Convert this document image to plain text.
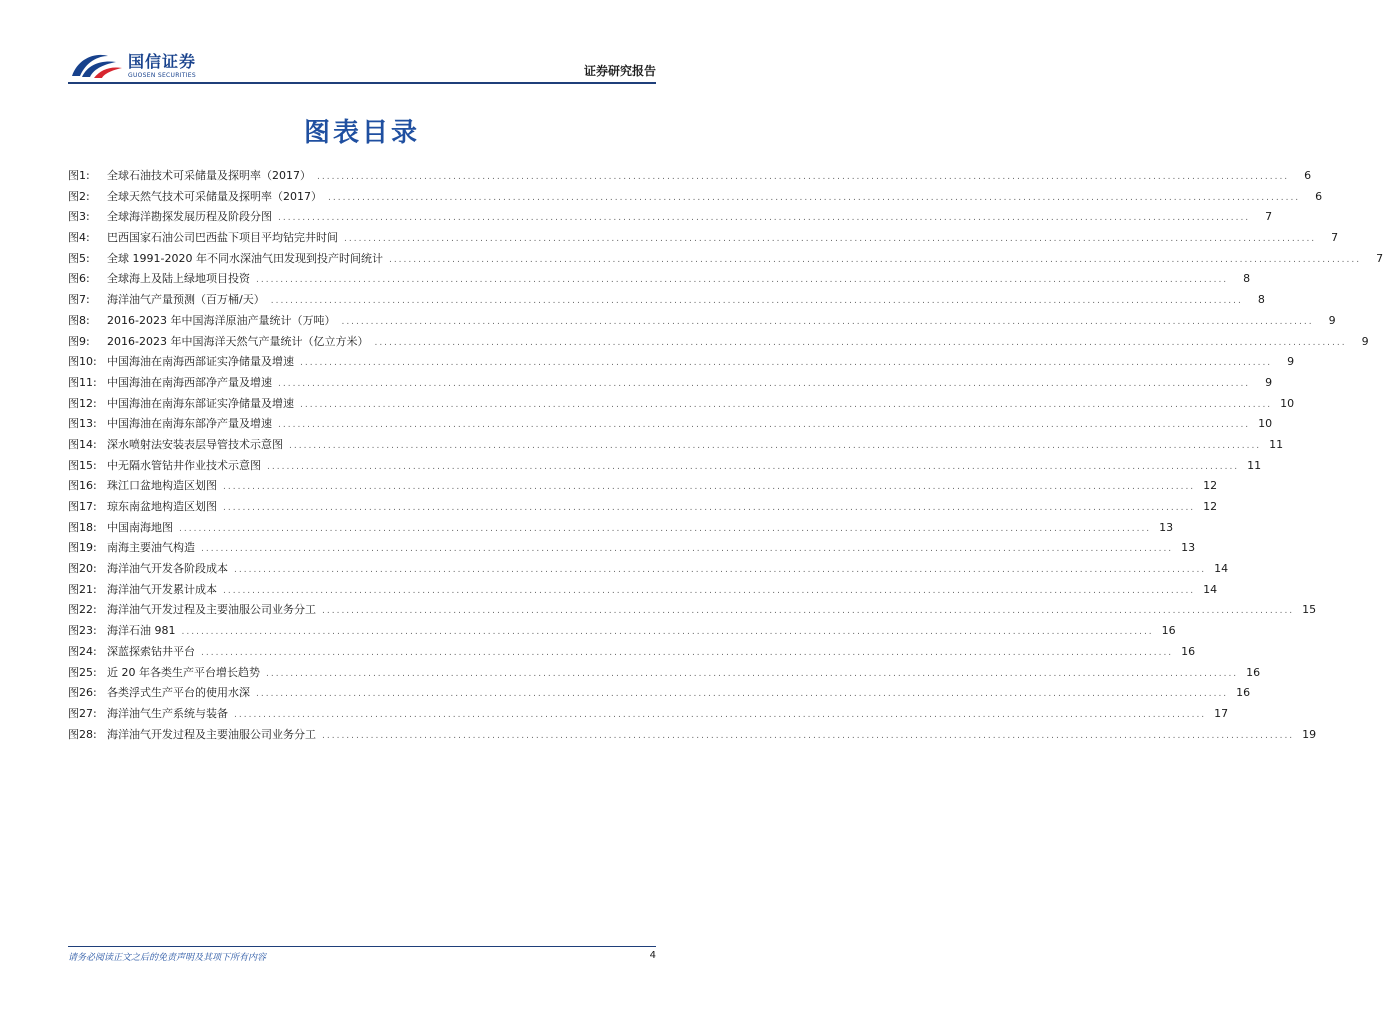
国信证券
GUOSEN SECURITIES	证券研究报告
图表目录
图1:	全球石油技术可采储量及探明率（2017） ........................................................................................................................................................................................................	6
图2:	全球天然气技术可采储量及探明率（2017） ........................................................................................................................................................................................................	6
图3:	全球海洋勘探发展历程及阶段分图 ........................................................................................................................................................................................................	7
图4:	巴西国家石油公司巴西盐下项目平均钻完井时间 ........................................................................................................................................................................................................	7
图5:	全球 1991-2020 年不同水深油气田发现到投产时间统计 ........................................................................................................................................................................................................	7
图6:	全球海上及陆上绿地项目投资 ........................................................................................................................................................................................................	8
图7:	海洋油气产量预测（百万桶/天） ........................................................................................................................................................................................................	8
图8:	2016-2023 年中国海洋原油产量统计（万吨） ........................................................................................................................................................................................................	9
图9:	2016-2023 年中国海洋天然气产量统计（亿立方米） ........................................................................................................................................................................................................	9
图10: 中国海油在南海西部证实净储量及增速 ........................................................................................................................................................................................................	9
图11: 中国海油在南海西部净产量及增速 ........................................................................................................................................................................................................	9
图12: 中国海油在南海东部证实净储量及增速 ........................................................................................................................................................................................................ 10
图13: 中国海油在南海东部净产量及增速 ........................................................................................................................................................................................................ 10
图14: 深水喷射法安装表层导管技术示意图 ........................................................................................................................................................................................................ 11
图15: 中无隔水管钻井作业技术示意图 ........................................................................................................................................................................................................ 11
图16: 珠江口盆地构造区划图 ........................................................................................................................................................................................................ 12
图17: 琼东南盆地构造区划图 ........................................................................................................................................................................................................ 12
图18: 中国南海地图 ........................................................................................................................................................................................................ 13
图19: 南海主要油气构造 ........................................................................................................................................................................................................ 13
图20: 海洋油气开发各阶段成本 ........................................................................................................................................................................................................ 14
图21: 海洋油气开发累计成本 ........................................................................................................................................................................................................ 14
图22: 海洋油气开发过程及主要油服公司业务分工 ........................................................................................................................................................................................................ 15
图23: 海洋石油 981 ........................................................................................................................................................................................................ 16
图24: 深蓝探索钻井平台 ........................................................................................................................................................................................................ 16
图25: 近 20 年各类生产平台增长趋势 ........................................................................................................................................................................................................ 16
图26: 各类浮式生产平台的使用水深 ........................................................................................................................................................................................................ 16
图27: 海洋油气生产系统与装备 ........................................................................................................................................................................................................ 17
图28: 海洋油气开发过程及主要油服公司业务分工 ........................................................................................................................................................................................................ 19
请务必阅读正文之后的免责声明及其项下所有内容	4
